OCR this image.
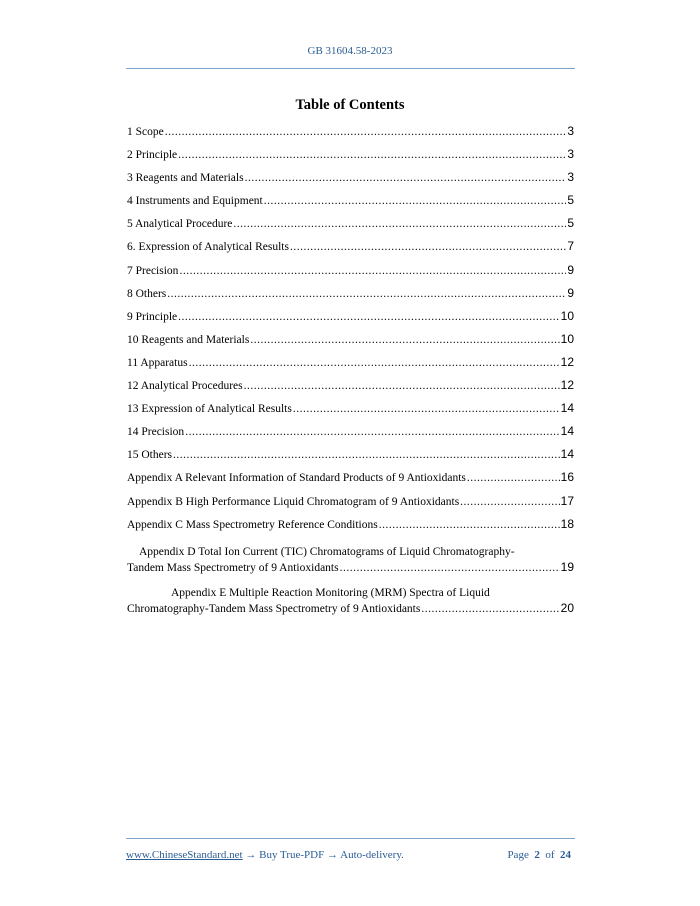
GB 31604.58-2023
Table of Contents
1 Scope .....	3
2 Principle .....	3
3 Reagents and Materials .....	3
4 Instruments and Equipment .....	5
5 Analytical Procedure .....	5
6. Expression of Analytical Results .....	7
7 Precision .....	9
8 Others .....	9
9 Principle .....	10
10 Reagents and Materials .....	10
11 Apparatus .....	12
12 Analytical Procedures .....	12
13 Expression of Analytical Results .....	14
14 Precision .....	14
15 Others .....	14
Appendix A Relevant Information of Standard Products of 9 Antioxidants .....	16
Appendix B High Performance Liquid Chromatogram of 9 Antioxidants .....	17
Appendix C Mass Spectrometry Reference Conditions .....	18
Appendix D Total Ion Current (TIC) Chromatograms of Liquid Chromatography-
Tandem Mass Spectrometry of 9 Antioxidants .....	19
Appendix E Multiple Reaction Monitoring (MRM) Spectra of Liquid
Chromatography-Tandem Mass Spectrometry of 9 Antioxidants .....	20
www.ChineseStandard.net → Buy True-PDF → Auto-delivery.	Page 2 of 24
